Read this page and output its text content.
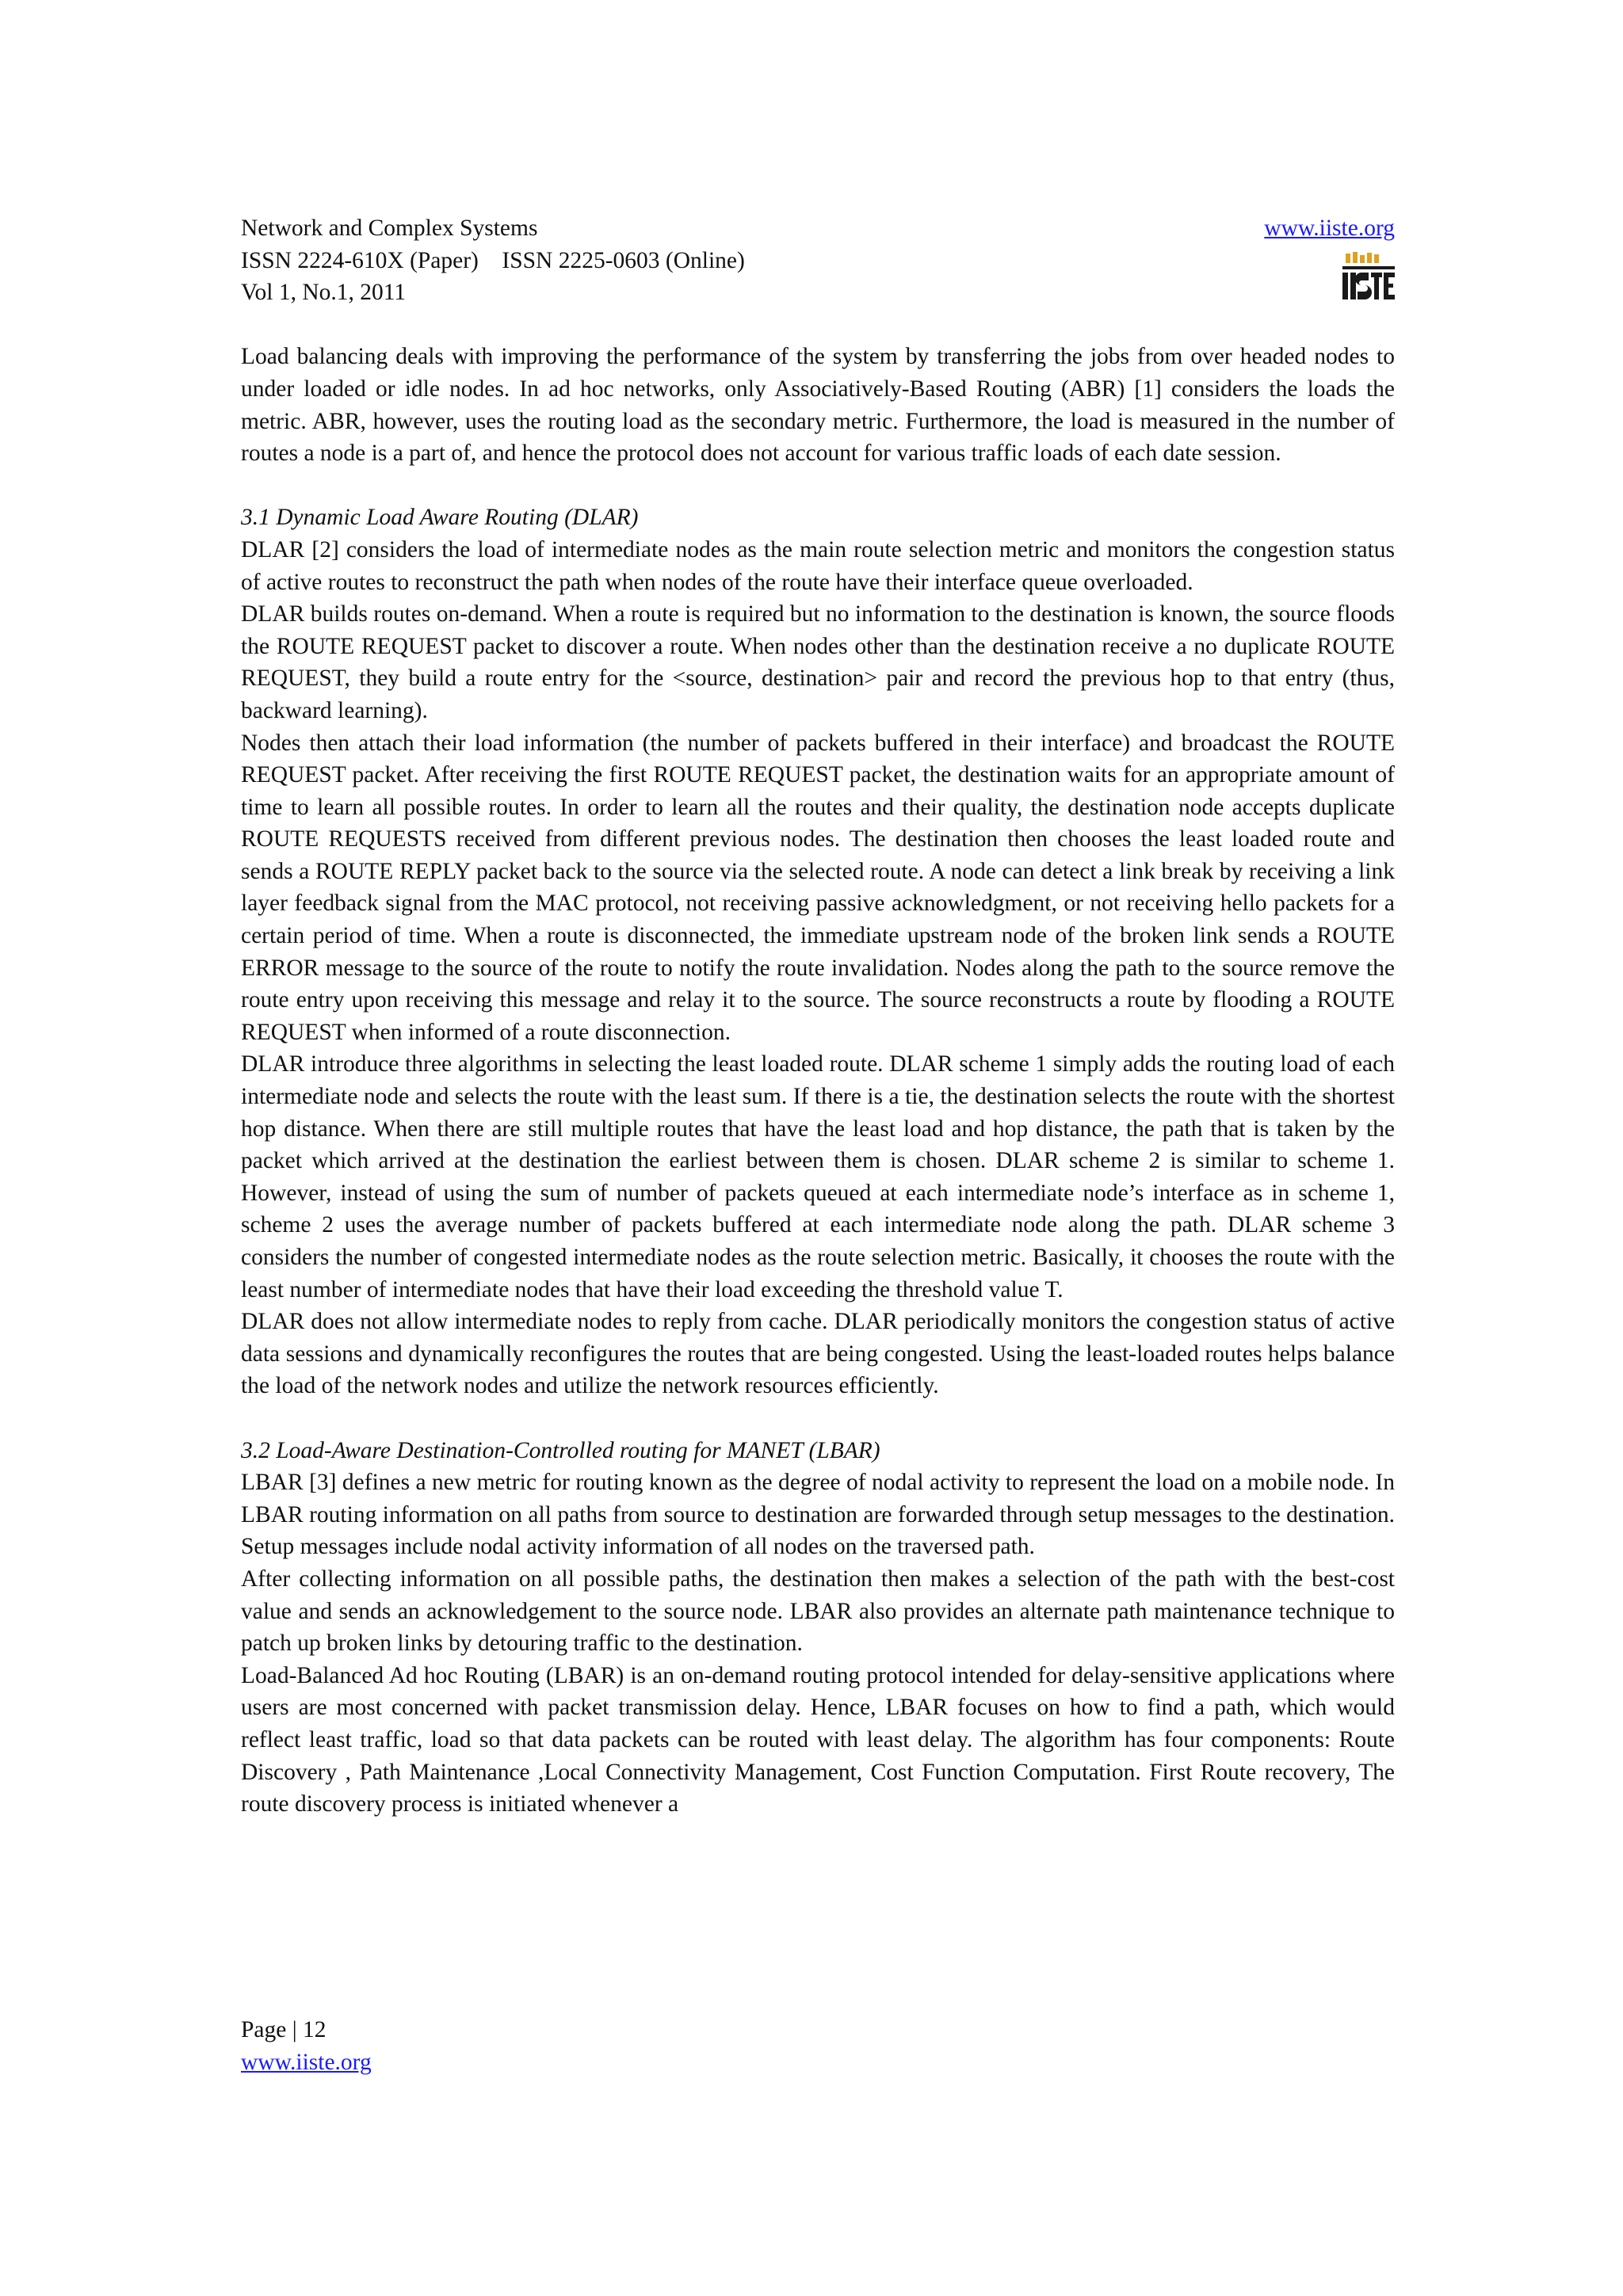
Network and Complex Systems
ISSN 2224-610X (Paper)    ISSN 2225-0603 (Online)
Vol 1, No.1, 2011
www.iiste.org
IISTE

Load balancing deals with improving the performance of the system by transferring the jobs from over headed nodes to under loaded or idle nodes. In ad hoc networks, only Associatively-Based Routing (ABR) [1] considers the loads the metric. ABR, however, uses the routing load as the secondary metric. Furthermore, the load is measured in the number of routes a node is a part of, and hence the protocol does not account for various traffic loads of each date session.

3.1 Dynamic Load Aware Routing (DLAR)

DLAR [2] considers the load of intermediate nodes as the main route selection metric and monitors the congestion status of active routes to reconstruct the path when nodes of the route have their interface queue overloaded.

DLAR builds routes on-demand. When a route is required but no information to the destination is known, the source floods the ROUTE REQUEST packet to discover a route. When nodes other than the destination receive a no duplicate ROUTE REQUEST, they build a route entry for the <source, destination> pair and record the previous hop to that entry (thus, backward learning).

Nodes then attach their load information (the number of packets buffered in their interface) and broadcast the ROUTE REQUEST packet. After receiving the first ROUTE REQUEST packet, the destination waits for an appropriate amount of time to learn all possible routes. In order to learn all the routes and their quality, the destination node accepts duplicate ROUTE REQUESTS received from different previous nodes. The destination then chooses the least loaded route and sends a ROUTE REPLY packet back to the source via the selected route. A node can detect a link break by receiving a link layer feedback signal from the MAC protocol, not receiving passive acknowledgment, or not receiving hello packets for a certain period of time. When a route is disconnected, the immediate upstream node of the broken link sends a ROUTE ERROR message to the source of the route to notify the route invalidation. Nodes along the path to the source remove the route entry upon receiving this message and relay it to the source. The source reconstructs a route by flooding a ROUTE REQUEST when informed of a route disconnection.

DLAR introduce three algorithms in selecting the least loaded route. DLAR scheme 1 simply adds the routing load of each intermediate node and selects the route with the least sum. If there is a tie, the destination selects the route with the shortest hop distance. When there are still multiple routes that have the least load and hop distance, the path that is taken by the packet which arrived at the destination the earliest between them is chosen. DLAR scheme 2 is similar to scheme 1. However, instead of using the sum of number of packets queued at each intermediate node’s interface as in scheme 1, scheme 2 uses the average number of packets buffered at each intermediate node along the path. DLAR scheme 3 considers the number of congested intermediate nodes as the route selection metric. Basically, it chooses the route with the least number of intermediate nodes that have their load exceeding the threshold value T.

DLAR does not allow intermediate nodes to reply from cache. DLAR periodically monitors the congestion status of active data sessions and dynamically reconfigures the routes that are being congested. Using the least-loaded routes helps balance the load of the network nodes and utilize the network resources efficiently.

3.2 Load-Aware Destination-Controlled routing for MANET (LBAR)

LBAR [3] defines a new metric for routing known as the degree of nodal activity to represent the load on a mobile node. In LBAR routing information on all paths from source to destination are forwarded through setup messages to the destination. Setup messages include nodal activity information of all nodes on the traversed path.

After collecting information on all possible paths, the destination then makes a selection of the path with the best-cost value and sends an acknowledgement to the source node. LBAR also provides an alternate path maintenance technique to patch up broken links by detouring traffic to the destination.

Load-Balanced Ad hoc Routing (LBAR) is an on-demand routing protocol intended for delay-sensitive applications where users are most concerned with packet transmission delay. Hence, LBAR focuses on how to find a path, which would reflect least traffic, load so that data packets can be routed with least delay. The algorithm has four components: Route Discovery , Path Maintenance ,Local Connectivity Management, Cost Function Computation. First Route recovery, The route discovery process is initiated whenever a

Page | 12
www.iiste.org
